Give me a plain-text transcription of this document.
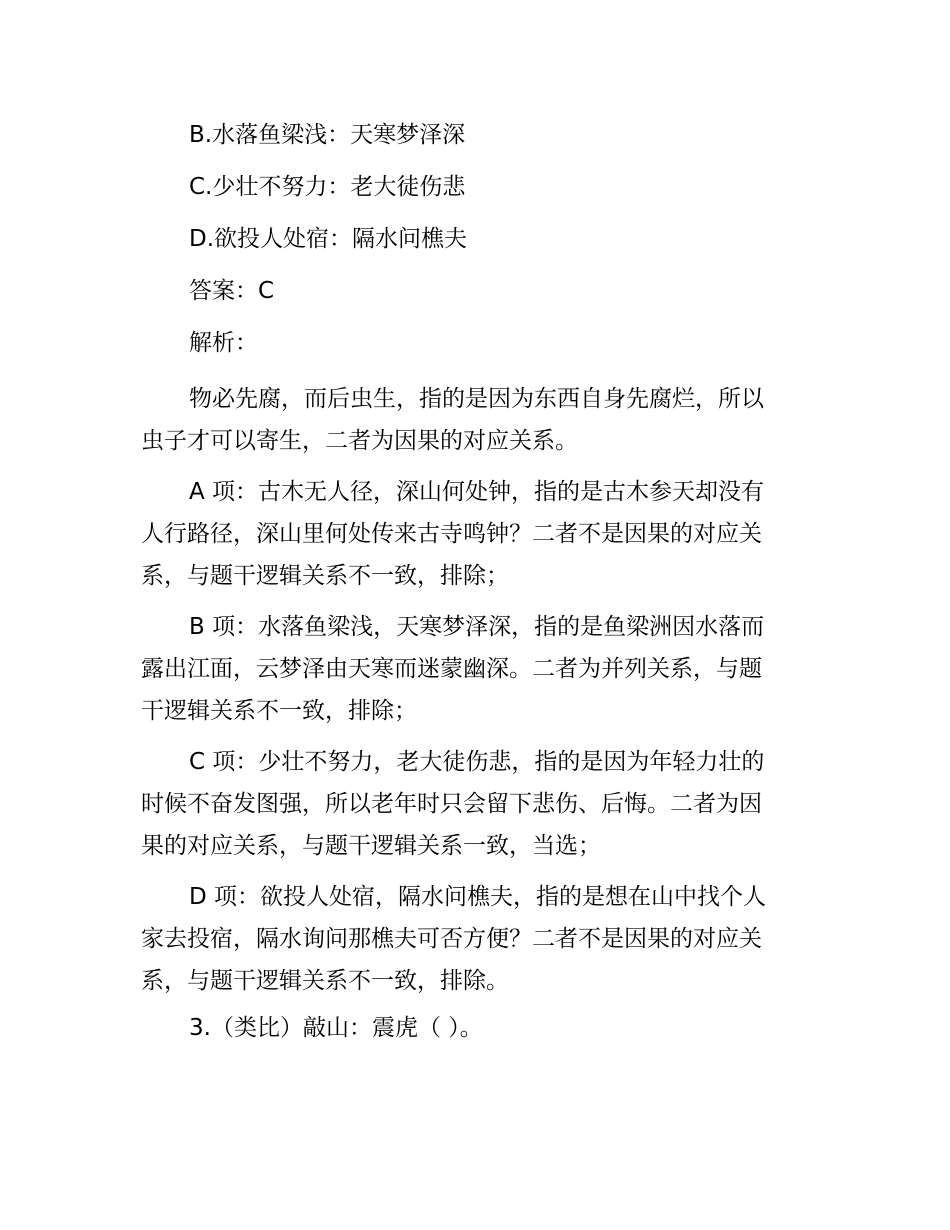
B.水落鱼梁浅：天寒梦泽深

C.少壮不努力：老大徒伤悲

D.欲投人处宿：隔水问樵夫

答案：C

解析：

物必先腐，而后虫生，指的是因为东西自身先腐烂，所以
虫子才可以寄生，二者为因果的对应关系。
A 项：古木无人径，深山何处钟，指的是古木参天却没有
人行路径，深山里何处传来古寺鸣钟？二者不是因果的对应关
系，与题干逻辑关系不一致，排除；
B 项：水落鱼梁浅，天寒梦泽深，指的是鱼梁洲因水落而
露出江面，云梦泽由天寒而迷蒙幽深。二者为并列关系，与题
干逻辑关系不一致，排除；
C 项：少壮不努力，老大徒伤悲，指的是因为年轻力壮的
时候不奋发图强，所以老年时只会留下悲伤、后悔。二者为因
果的对应关系，与题干逻辑关系一致，当选；
D 项：欲投人处宿，隔水问樵夫，指的是想在山中找个人
家去投宿，隔水询问那樵夫可否方便？二者不是因果的对应关
系，与题干逻辑关系不一致，排除。

3.（类比）敲山：震虎（ ）。
